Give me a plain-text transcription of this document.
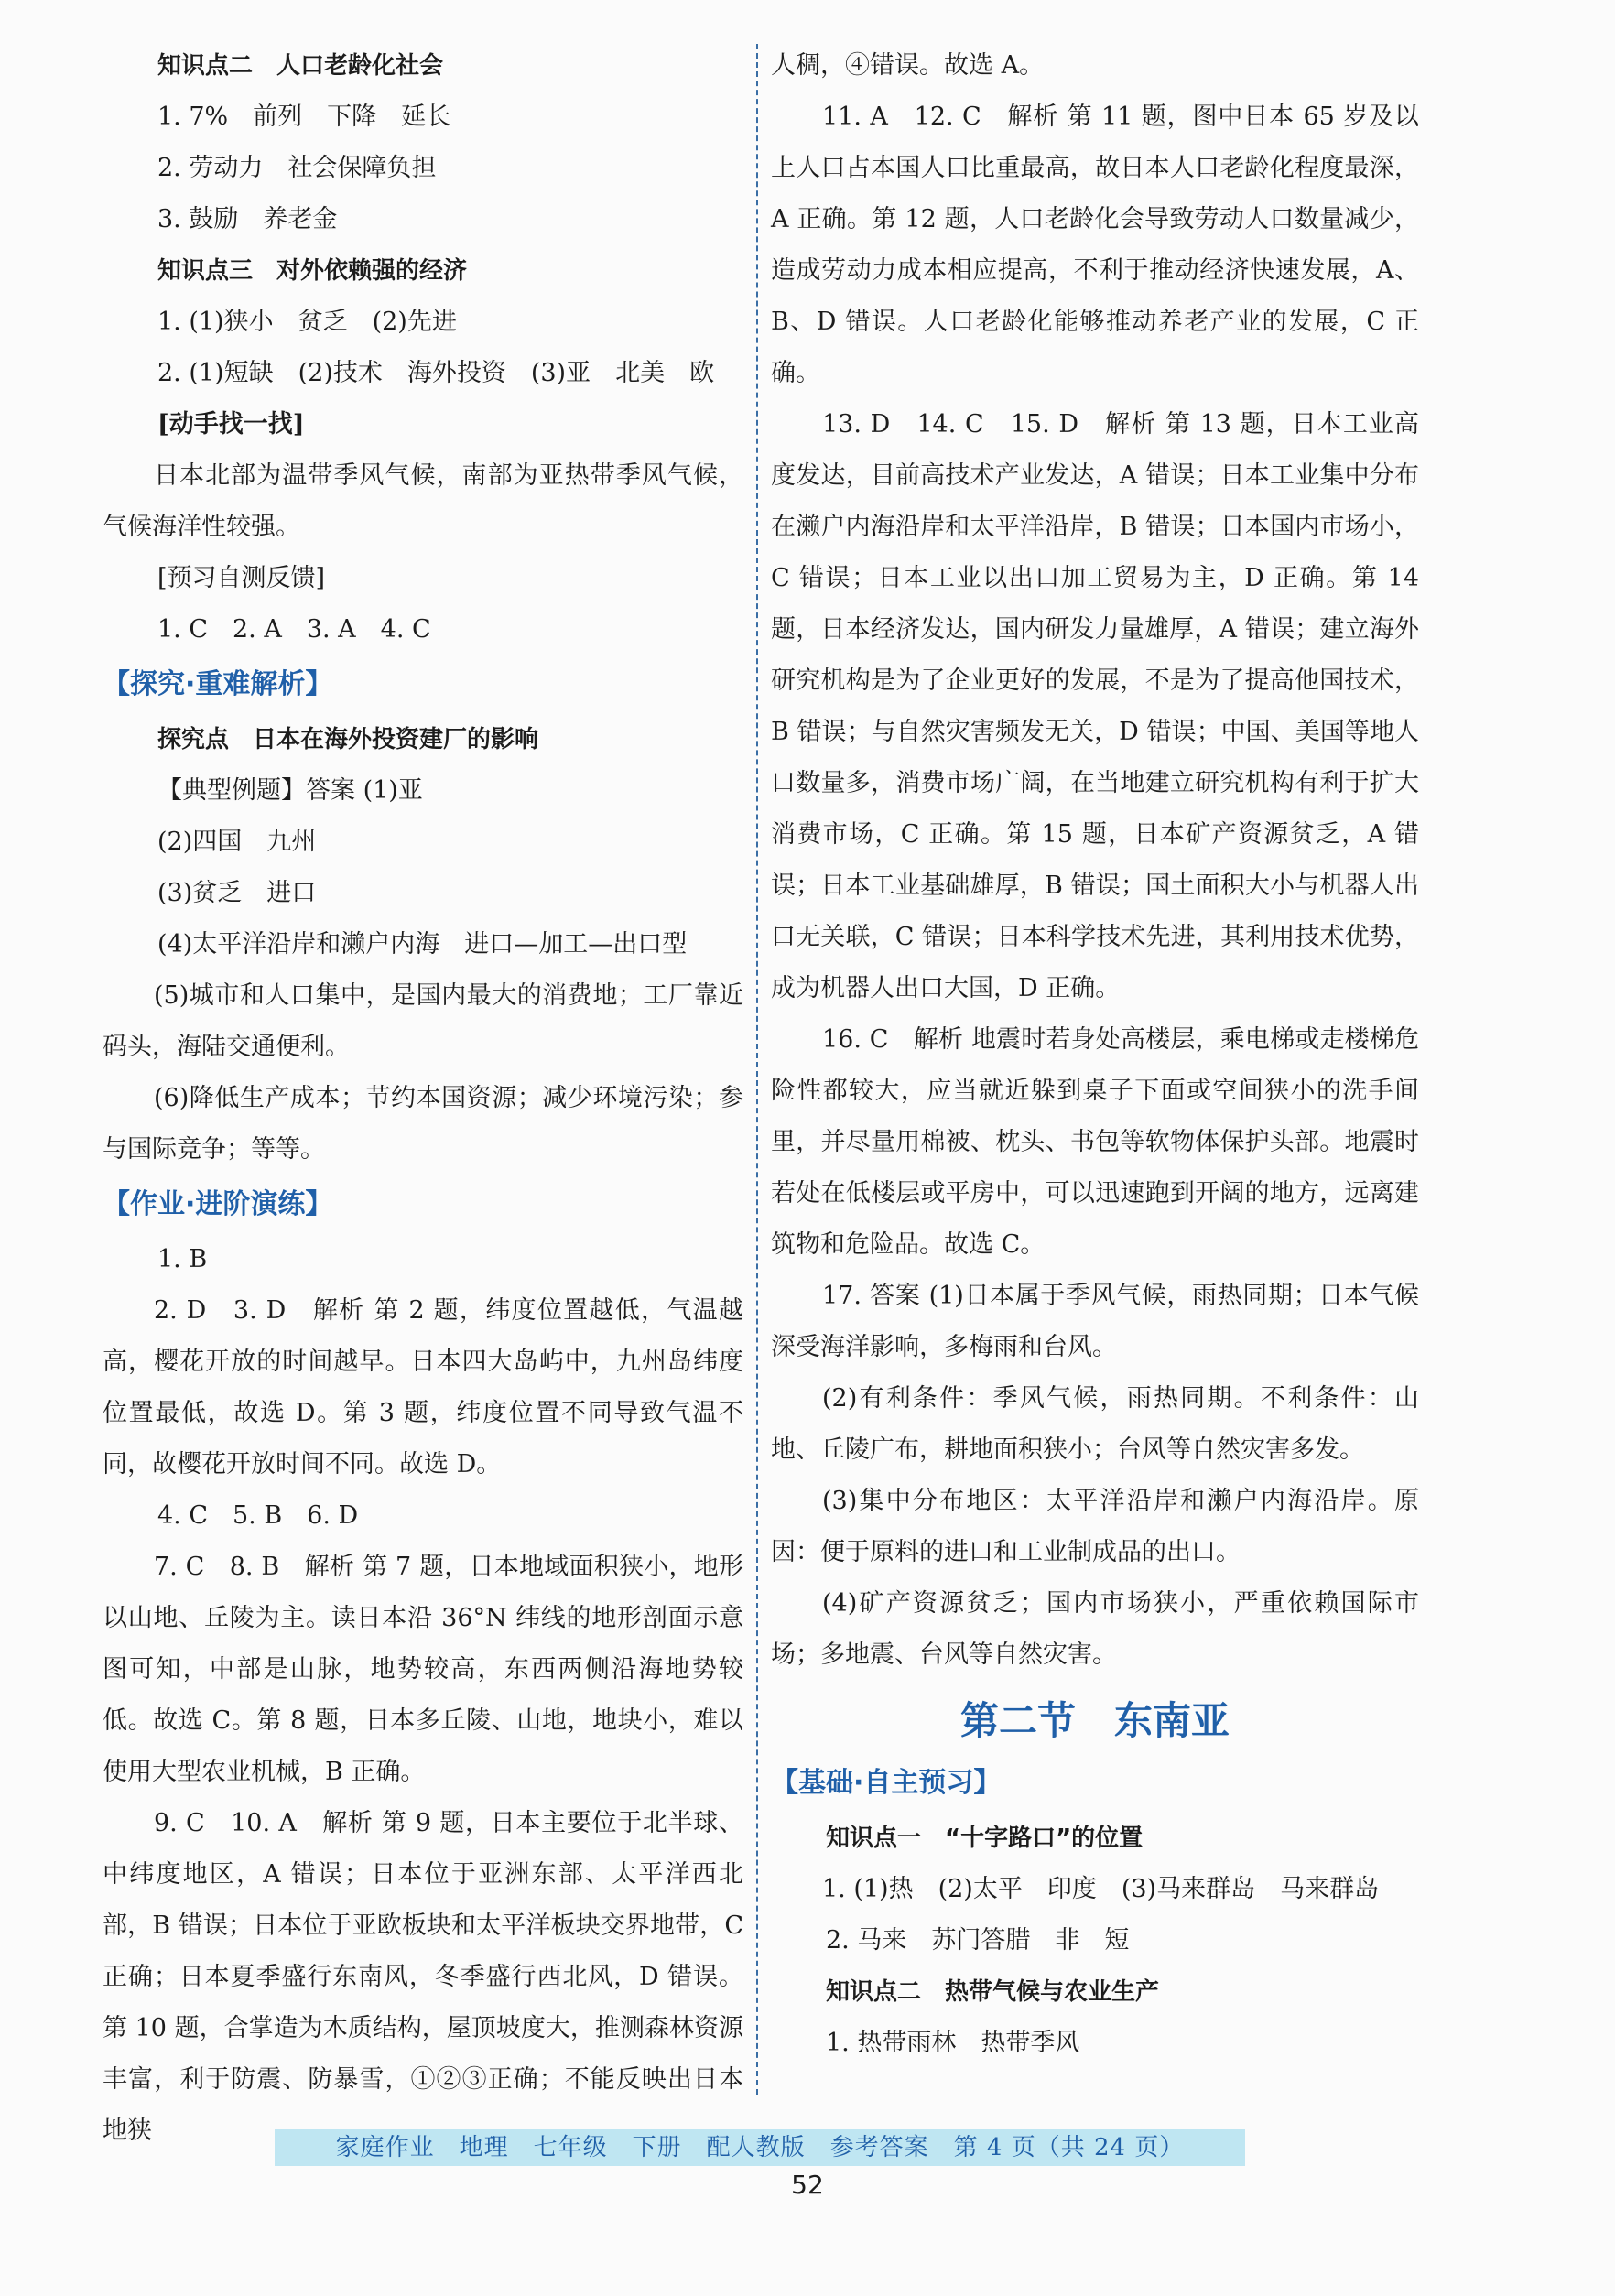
知识点二　人口老龄化社会
1. 7%　前列　下降　延长
2. 劳动力　社会保障负担
3. 鼓励　养老金
知识点三　对外依赖强的经济
1. (1)狭小　贫乏　(2)先进
2. (1)短缺　(2)技术　海外投资　(3)亚　北美　欧
[动手找一找]
日本北部为温带季风气候，南部为亚热带季风气候，气候海洋性较强。
[预习自测反馈]
1. C　2. A　3. A　4. C
【探究·重难解析】
探究点　日本在海外投资建厂的影响
【典型例题】答案 (1)亚
(2)四国　九州
(3)贫乏　进口
(4)太平洋沿岸和濑户内海　进口—加工—出口型
(5)城市和人口集中，是国内最大的消费地；工厂靠近码头，海陆交通便利。
(6)降低生产成本；节约本国资源；减少环境污染；参与国际竞争；等等。
【作业·进阶演练】
1. B
2. D　3. D　解析 第 2 题，纬度位置越低，气温越高，樱花开放的时间越早。日本四大岛屿中，九州岛纬度位置最低，故选 D。第 3 题，纬度位置不同导致气温不同，故樱花开放时间不同。故选 D。
4. C　5. B　6. D
7. C　8. B　解析 第 7 题，日本地域面积狭小，地形以山地、丘陵为主。读日本沿 36°N 纬线的地形剖面示意图可知，中部是山脉，地势较高，东西两侧沿海地势较低。故选 C。第 8 题，日本多丘陵、山地，地块小，难以使用大型农业机械，B 正确。
9. C　10. A　解析 第 9 题，日本主要位于北半球、中纬度地区，A 错误；日本位于亚洲东部、太平洋西北部，B 错误；日本位于亚欧板块和太平洋板块交界地带，C 正确；日本夏季盛行东南风，冬季盛行西北风，D 错误。第 10 题，合掌造为木质结构，屋顶坡度大，推测森林资源丰富，利于防震、防暴雪，①②③正确；不能反映出日本地狭
人稠，④错误。故选 A。
11. A　12. C　解析 第 11 题，图中日本 65 岁及以上人口占本国人口比重最高，故日本人口老龄化程度最深，A 正确。第 12 题，人口老龄化会导致劳动人口数量减少，造成劳动力成本相应提高，不利于推动经济快速发展，A、B、D 错误。人口老龄化能够推动养老产业的发展，C 正确。
13. D　14. C　15. D　解析 第 13 题，日本工业高度发达，目前高技术产业发达，A 错误；日本工业集中分布在濑户内海沿岸和太平洋沿岸，B 错误；日本国内市场小，C 错误；日本工业以出口加工贸易为主，D 正确。第 14 题，日本经济发达，国内研发力量雄厚，A 错误；建立海外研究机构是为了企业更好的发展，不是为了提高他国技术，B 错误；与自然灾害频发无关，D 错误；中国、美国等地人口数量多，消费市场广阔，在当地建立研究机构有利于扩大消费市场，C 正确。第 15 题，日本矿产资源贫乏，A 错误；日本工业基础雄厚，B 错误；国土面积大小与机器人出口无关联，C 错误；日本科学技术先进，其利用技术优势，成为机器人出口大国，D 正确。
16. C　解析 地震时若身处高楼层，乘电梯或走楼梯危险性都较大，应当就近躲到桌子下面或空间狭小的洗手间里，并尽量用棉被、枕头、书包等软物体保护头部。地震时若处在低楼层或平房中，可以迅速跑到开阔的地方，远离建筑物和危险品。故选 C。
17. 答案 (1)日本属于季风气候，雨热同期；日本气候深受海洋影响，多梅雨和台风。
(2)有利条件：季风气候，雨热同期。不利条件：山地、丘陵广布，耕地面积狭小；台风等自然灾害多发。
(3)集中分布地区：太平洋沿岸和濑户内海沿岸。原因：便于原料的进口和工业制成品的出口。
(4)矿产资源贫乏；国内市场狭小，严重依赖国际市场；多地震、台风等自然灾害。
第二节　东南亚
【基础·自主预习】
知识点一　“十字路口”的位置
1. (1)热　(2)太平　印度　(3)马来群岛　马来群岛
2. 马来　苏门答腊　非　短
知识点二　热带气候与农业生产
1. 热带雨林　热带季风
家庭作业　地理　七年级　下册　配人教版　参考答案　第 4 页（共 24 页）
52
